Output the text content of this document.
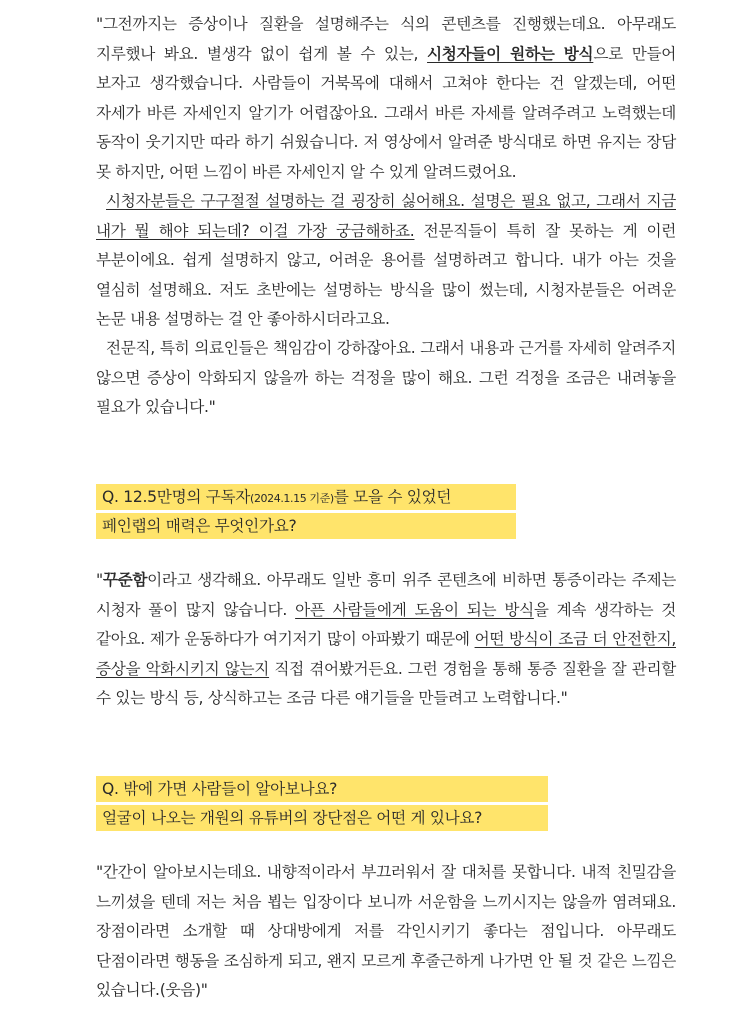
"그전까지는 증상이나 질환을 설명해주는 식의 콘텐츠를 진행했는데요. 아무래도 지루했나 봐요. 별생각 없이 쉽게 볼 수 있는, 시청자들이 원하는 방식으로 만들어 보자고 생각했습니다. 사람들이 거북목에 대해서 고쳐야 한다는 건 알겠는데, 어떤 자세가 바른 자세인지 알기가 어렵잖아요. 그래서 바른 자세를 알려주려고 노력했는데 동작이 웃기지만 따라 하기 쉬웠습니다. 저 영상에서 알려준 방식대로 하면 유지는 장담 못 하지만, 어떤 느낌이 바른 자세인지 알 수 있게 알려드렸어요.

시청자분들은 구구절절 설명하는 걸 굉장히 싫어해요. 설명은 필요 없고, 그래서 지금 내가 뭘 해야 되는데? 이걸 가장 궁금해하죠. 전문직들이 특히 잘 못하는 게 이런 부분이에요. 쉽게 설명하지 않고, 어려운 용어를 설명하려고 합니다. 내가 아는 것을 열심히 설명해요. 저도 초반에는 설명하는 방식을 많이 썼는데, 시청자분들은 어려운 논문 내용 설명하는 걸 안 좋아하시더라고요.

전문직, 특히 의료인들은 책임감이 강하잖아요. 그래서 내용과 근거를 자세히 알려주지 않으면 증상이 악화되지 않을까 하는 걱정을 많이 해요. 그런 걱정을 조금은 내려놓을 필요가 있습니다."

Q. 12.5만명의 구독자(2024.1.15 기준)를 모을 수 있었던
페인랩의 매력은 무엇인가요?

"꾸준함이라고 생각해요. 아무래도 일반 흥미 위주 콘텐츠에 비하면 통증이라는 주제는 시청자 풀이 많지 않습니다. 아픈 사람들에게 도움이 되는 방식을 계속 생각하는 것 같아요. 제가 운동하다가 여기저기 많이 아파봤기 때문에 어떤 방식이 조금 더 안전한지, 증상을 악화시키지 않는지 직접 겪어봤거든요. 그런 경험을 통해 통증 질환을 잘 관리할 수 있는 방식 등, 상식하고는 조금 다른 얘기들을 만들려고 노력합니다."

Q. 밖에 가면 사람들이 알아보나요?
얼굴이 나오는 개원의 유튜버의 장단점은 어떤 게 있나요?

"간간이 알아보시는데요. 내향적이라서 부끄러워서 잘 대처를 못합니다. 내적 친밀감을 느끼셨을 텐데 저는 처음 뵙는 입장이다 보니까 서운함을 느끼시지는 않을까 염려돼요. 장점이라면 소개할 때 상대방에게 저를 각인시키기 좋다는 점입니다. 아무래도 단점이라면 행동을 조심하게 되고, 왠지 모르게 후줄근하게 나가면 안 될 것 같은 느낌은 있습니다.(웃음)"
